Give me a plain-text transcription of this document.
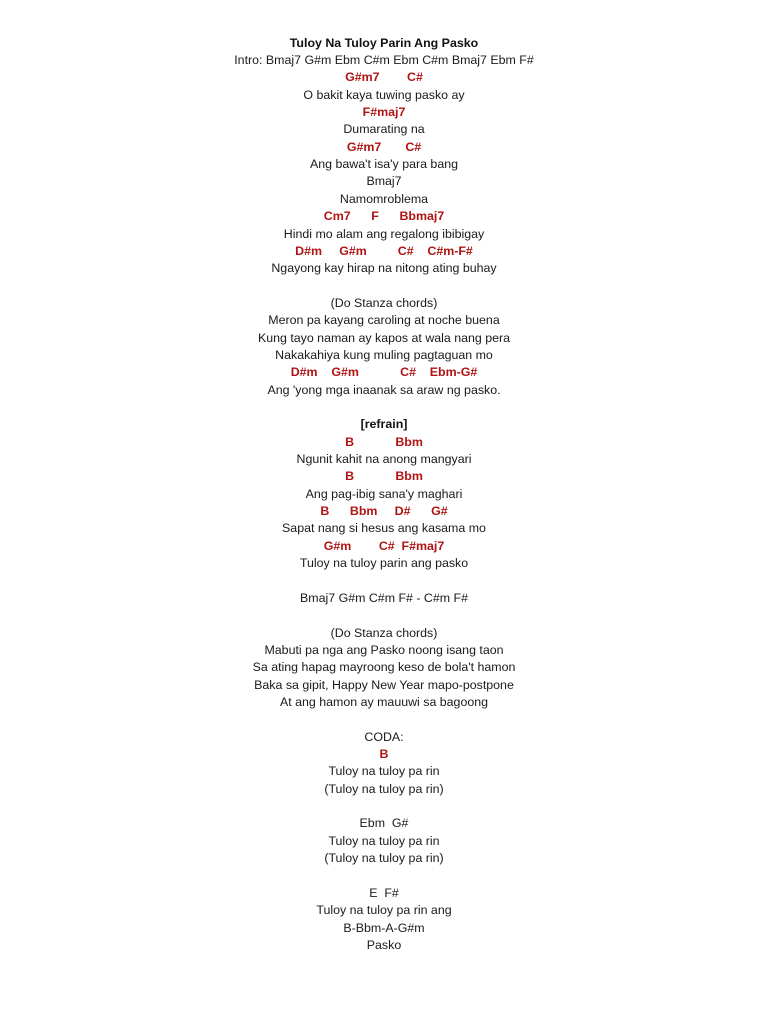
Tuloy Na Tuloy Parin Ang Pasko
Intro: Bmaj7 G#m Ebm C#m Ebm C#m Bmaj7 Ebm F#
G#m7        C#
O bakit kaya tuwing pasko ay
F#maj7
Dumarating na
G#m7       C#
Ang bawa't isa'y para bang
Bmaj7
Namomroblema
Cm7      F      Bbmaj7
Hindi mo alam ang regalong ibibigay
D#m     G#m         C#    C#m-F#
Ngayong kay hirap na nitong ating buhay
(Do Stanza chords)
Meron pa kayang caroling at noche buena
Kung tayo naman ay kapos at wala nang pera
Nakakahiya kung muling pagtaguan mo
D#m    G#m            C#    Ebm-G#
Ang 'yong mga inaanak sa araw ng pasko.
[refrain]
B            Bbm
Ngunit kahit na anong mangyari
B            Bbm
Ang pag-ibig sana'y maghari
B      Bbm     D#      G#
Sapat nang si hesus ang kasama mo
G#m        C#  F#maj7
Tuloy na tuloy parin ang pasko
Bmaj7 G#m C#m F# - C#m F#
(Do Stanza chords)
Mabuti pa nga ang Pasko noong isang taon
Sa ating hapag mayroong keso de bola't hamon
Baka sa gipit, Happy New Year mapo-postpone
At ang hamon ay mauuwi sa bagoong
CODA:
B
Tuloy na tuloy pa rin
(Tuloy na tuloy pa rin)
Ebm  G#
Tuloy na tuloy pa rin
(Tuloy na tuloy pa rin)
E  F#
Tuloy na tuloy pa rin ang
B-Bbm-A-G#m
Pasko
